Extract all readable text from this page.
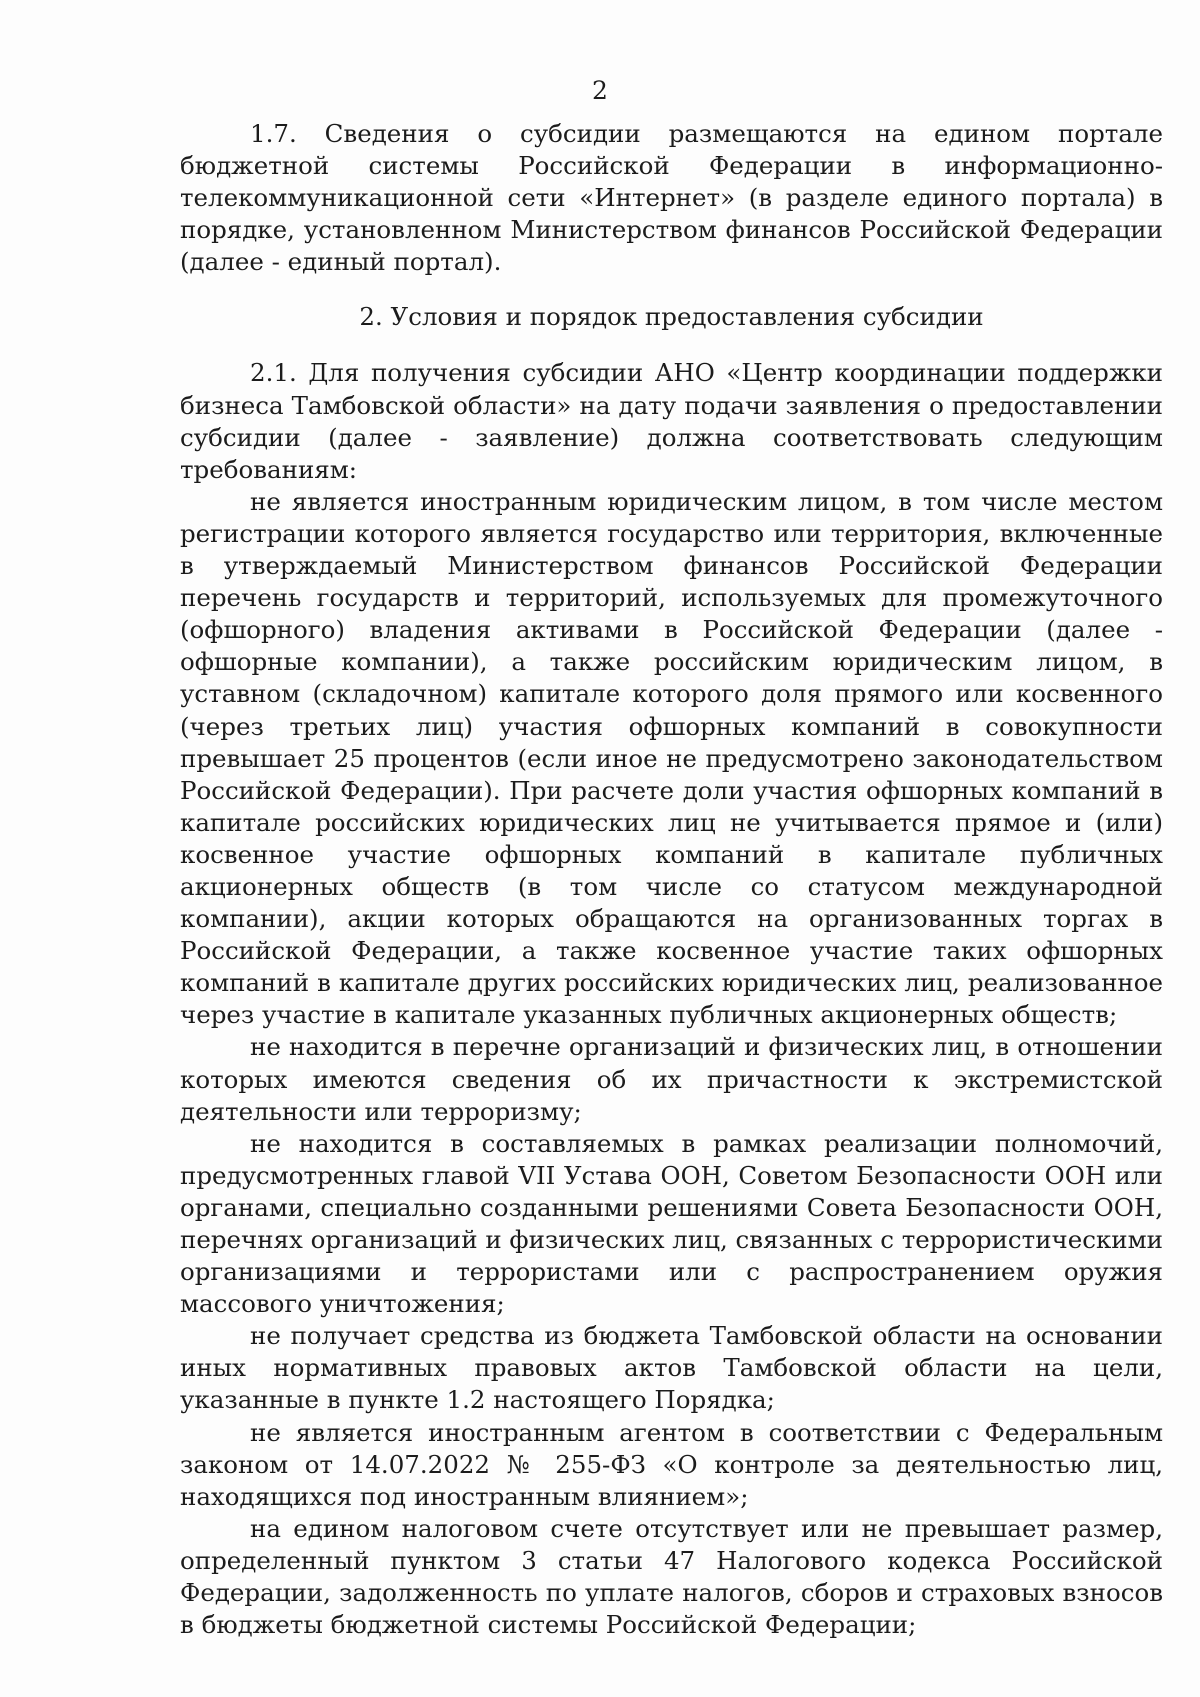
2

1.7. Сведения о субсидии размещаются на едином портале бюджетной системы Российской Федерации в информационно-телекоммуникационной сети «Интернет» (в разделе единого портала) в порядке, установленном Министерством финансов Российской Федерации (далее - единый портал).

2. Условия и порядок предоставления субсидии

2.1. Для получения субсидии АНО «Центр координации поддержки бизнеса Тамбовской области» на дату подачи заявления о предоставлении субсидии (далее - заявление) должна соответствовать следующим требованиям:

не является иностранным юридическим лицом, в том числе местом регистрации которого является государство или территория, включенные в утверждаемый Министерством финансов Российской Федерации перечень государств и территорий, используемых для промежуточного (офшорного) владения активами в Российской Федерации (далее - офшорные компании), а также российским юридическим лицом, в уставном (складочном) капитале которого доля прямого или косвенного (через третьих лиц) участия офшорных компаний в совокупности превышает 25 процентов (если иное не предусмотрено законодательством Российской Федерации). При расчете доли участия офшорных компаний в капитале российских юридических лиц не учитывается прямое и (или) косвенное участие офшорных компаний в капитале публичных акционерных обществ (в том числе со статусом международной компании), акции которых обращаются на организованных торгах в Российской Федерации, а также косвенное участие таких офшорных компаний в капитале других российских юридических лиц, реализованное через участие в капитале указанных публичных акционерных обществ;

не находится в перечне организаций и физических лиц, в отношении которых имеются сведения об их причастности к экстремистской деятельности или терроризму;

не находится в составляемых в рамках реализации полномочий, предусмотренных главой VII Устава ООН, Советом Безопасности ООН или органами, специально созданными решениями Совета Безопасности ООН, перечнях организаций и физических лиц, связанных с террористическими организациями и террористами или с распространением оружия массового уничтожения;

не получает средства из бюджета Тамбовской области на основании иных нормативных правовых актов Тамбовской области на цели, указанные в пункте 1.2 настоящего Порядка;

не является иностранным агентом в соответствии с Федеральным законом от 14.07.2022 № 255-ФЗ «О контроле за деятельностью лиц, находящихся под иностранным влиянием»;

на едином налоговом счете отсутствует или не превышает размер, определенный пунктом 3 статьи 47 Налогового кодекса Российской Федерации, задолженность по уплате налогов, сборов и страховых взносов в бюджеты бюджетной системы Российской Федерации;
